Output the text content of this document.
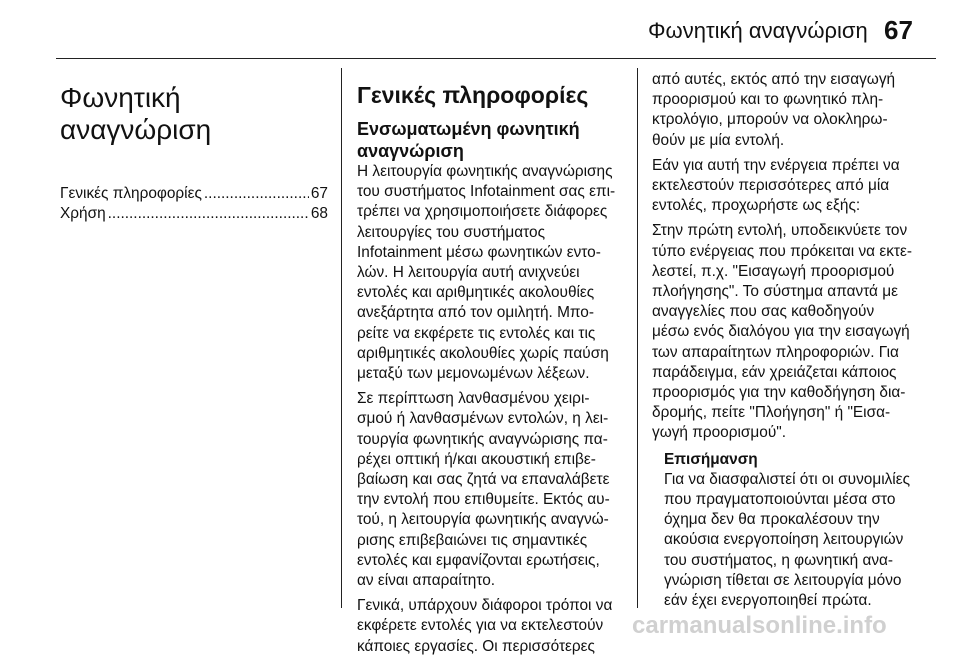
Φωνητική αναγνώριση 67
Φωνητική
αναγνώριση
Γενικές πληροφορίες .....	67
Χρήση .....	68
Γενικές πληροφορίες
Ενσωματωμένη φωνητική
αναγνώριση
Η λειτουργία φωνητικής αναγνώρισης
του συστήματος Infotainment σας επι-
τρέπει να χρησιμοποιήσετε διάφορες
λειτουργίες του συστήματος
Infotainment μέσω φωνητικών εντο-
λών. Η λειτουργία αυτή ανιχνεύει
εντολές και αριθμητικές ακολουθίες
ανεξάρτητα από τον ομιλητή. Μπο-
ρείτε να εκφέρετε τις εντολές και τις
αριθμητικές ακολουθίες χωρίς παύση
μεταξύ των μεμονωμένων λέξεων.
Σε περίπτωση λανθασμένου χειρι-
σμού ή λανθασμένων εντολών, η λει-
τουργία φωνητικής αναγνώρισης πα-
ρέχει οπτική ή/και ακουστική επιβε-
βαίωση και σας ζητά να επαναλάβετε
την εντολή που επιθυμείτε. Εκτός αυ-
τού, η λειτουργία φωνητικής αναγνώ-
ρισης επιβεβαιώνει τις σημαντικές
εντολές και εμφανίζονται ερωτήσεις,
αν είναι απαραίτητο.
Γενικά, υπάρχουν διάφοροι τρόποι να
εκφέρετε εντολές για να εκτελεστούν
κάποιες εργασίες. Οι περισσότερες
από αυτές, εκτός από την εισαγωγή
προορισμού και το φωνητικό πλη-
κτρολόγιο, μπορούν να ολοκληρω-
θούν με μία εντολή.
Εάν για αυτή την ενέργεια πρέπει να
εκτελεστούν περισσότερες από μία
εντολές, προχωρήστε ως εξής:
Στην πρώτη εντολή, υποδεικνύετε τον
τύπο ενέργειας που πρόκειται να εκτε-
λεστεί, π.χ. "Εισαγωγή προορισμού
πλοήγησης". Το σύστημα απαντά με
αναγγελίες που σας καθοδηγούν
μέσω ενός διαλόγου για την εισαγωγή
των απαραίτητων πληροφοριών. Για
παράδειγμα, εάν χρειάζεται κάποιος
προορισμός για την καθοδήγηση δια-
δρομής, πείτε "Πλοήγηση" ή "Εισα-
γωγή προορισμού".
Επισήμανση
Για να διασφαλιστεί ότι οι συνομιλίες
που πραγματοποιούνται μέσα στο
όχημα δεν θα προκαλέσουν την
ακούσια ενεργοποίηση λειτουργιών
του συστήματος, η φωνητική ανα-
γνώριση τίθεται σε λειτουργία μόνο
εάν έχει ενεργοποιηθεί πρώτα.
carmanualsonline.info
